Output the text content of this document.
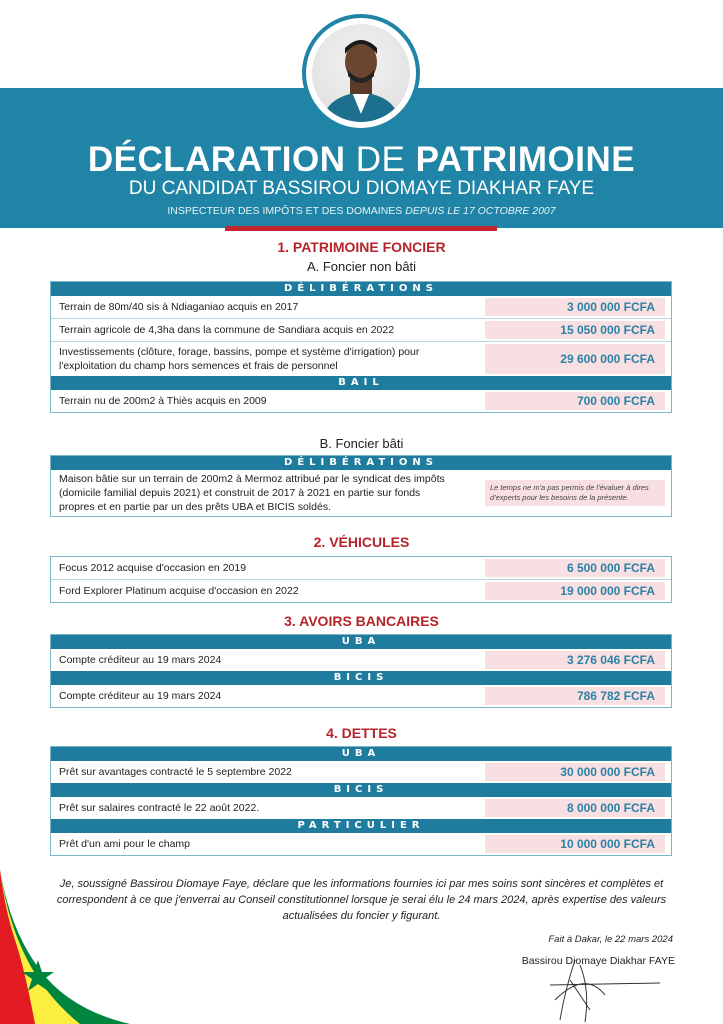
DÉCLARATION DE PATRIMOINE
DU CANDIDAT BASSIROU DIOMAYE DIAKHAR FAYE
INSPECTEUR DES IMPÔTS ET DES DOMAINES DEPUIS LE 17 OCTOBRE 2007
1. PATRIMOINE FONCIER
A. Foncier non bâti
DÉLIBÉRATIONS
Terrain de 80m/40 sis à Ndiaganiao acquis en 2017	3 000 000 FCFA
Terrain agricole de 4,3ha dans la commune de Sandiara acquis en 2022	15 050 000 FCFA
Investissements (clôture, forage, bassins, pompe et système d'irrigation) pour l'exploitation du champ hors semences et frais de personnel	29 600 000 FCFA
BAIL
Terrain nu de 200m2 à Thiès acquis en 2009	700 000 FCFA
B. Foncier bâti
DÉLIBÉRATIONS
Maison bâtie sur un terrain de 200m2 à Mermoz attribué par le syndicat des impôts (domicile familial depuis 2021) et construit de 2017 à 2021 en partie sur fonds propres et en partie par un des prêts UBA et BICIS soldés.
Le temps ne m'a pas permis de l'évaluer à dires d'experts pour les besoins de la présente.
2. VÉHICULES
Focus 2012 acquise d'occasion en 2019	6 500 000 FCFA
Ford Explorer Platinum acquise d'occasion en 2022	19 000 000 FCFA
3. AVOIRS BANCAIRES
UBA
Compte créditeur au 19 mars 2024	3 276 046 FCFA
BICIS
Compte créditeur au 19 mars 2024	786 782 FCFA
4. DETTES
UBA
Prêt sur avantages contracté le 5 septembre 2022	30 000 000 FCFA
BICIS
Prêt sur salaires contracté le 22 août 2022.	8 000 000 FCFA
PARTICULIER
Prêt d'un ami pour le champ	10 000 000 FCFA
Je, soussigné Bassirou Diomaye Faye, déclare que les informations fournies ici par mes soins sont sincères et complètes et correspondent à ce que j'enverrai au Conseil constitutionnel lorsque je serai élu le 24 mars 2024, après expertise des valeurs actualisées du foncier y figurant.
Fait à Dakar, le 22 mars 2024
Bassirou Diomaye Diakhar FAYE
